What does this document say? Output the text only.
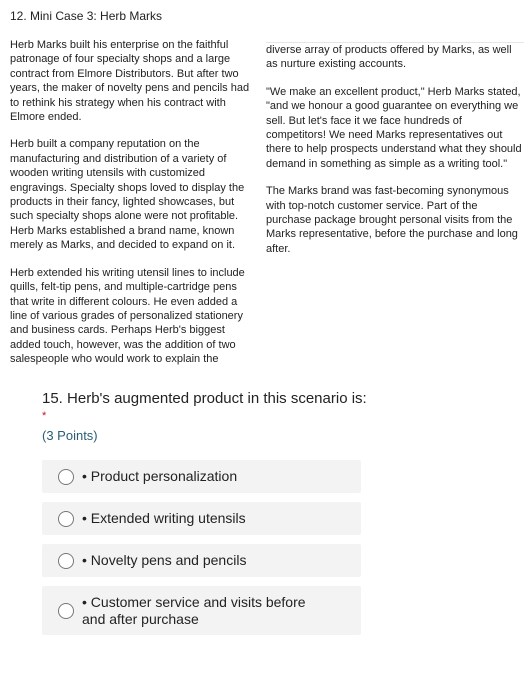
12. Mini Case 3: Herb Marks

Herb Marks built his enterprise on the faithful patronage of four specialty shops and a large contract from Elmore Distributors. But after two years, the maker of novelty pens and pencils had to rethink his strategy when his contract with Elmore ended.

Herb built a company reputation on the manufacturing and distribution of a variety of wooden writing utensils with customized engravings. Specialty shops loved to display the products in their fancy, lighted showcases, but such specialty shops alone were not profitable. Herb Marks established a brand name, known merely as Marks, and decided to expand on it.

Herb extended his writing utensil lines to include quills, felt-tip pens, and multiple-cartridge pens that write in different colours. He even added a line of various grades of personalized stationery and business cards. Perhaps Herb's biggest added touch, however, was the addition of two salespeople who would work to explain the

diverse array of products offered by Marks, as well as nurture existing accounts.

"We make an excellent product," Herb Marks stated, "and we honour a good guarantee on everything we sell. But let's face it we face hundreds of competitors! We need Marks representatives out there to help prospects understand what they should demand in something as simple as a writing tool."

The Marks brand was fast-becoming synonymous with top-notch customer service. Part of the purchase package brought personal visits from the Marks representative, before the purchase and long after.

15. Herb's augmented product in this scenario is:
*
(3 Points)
• Product personalization
• Extended writing utensils
• Novelty pens and pencils
• Customer service and visits before and after purchase
